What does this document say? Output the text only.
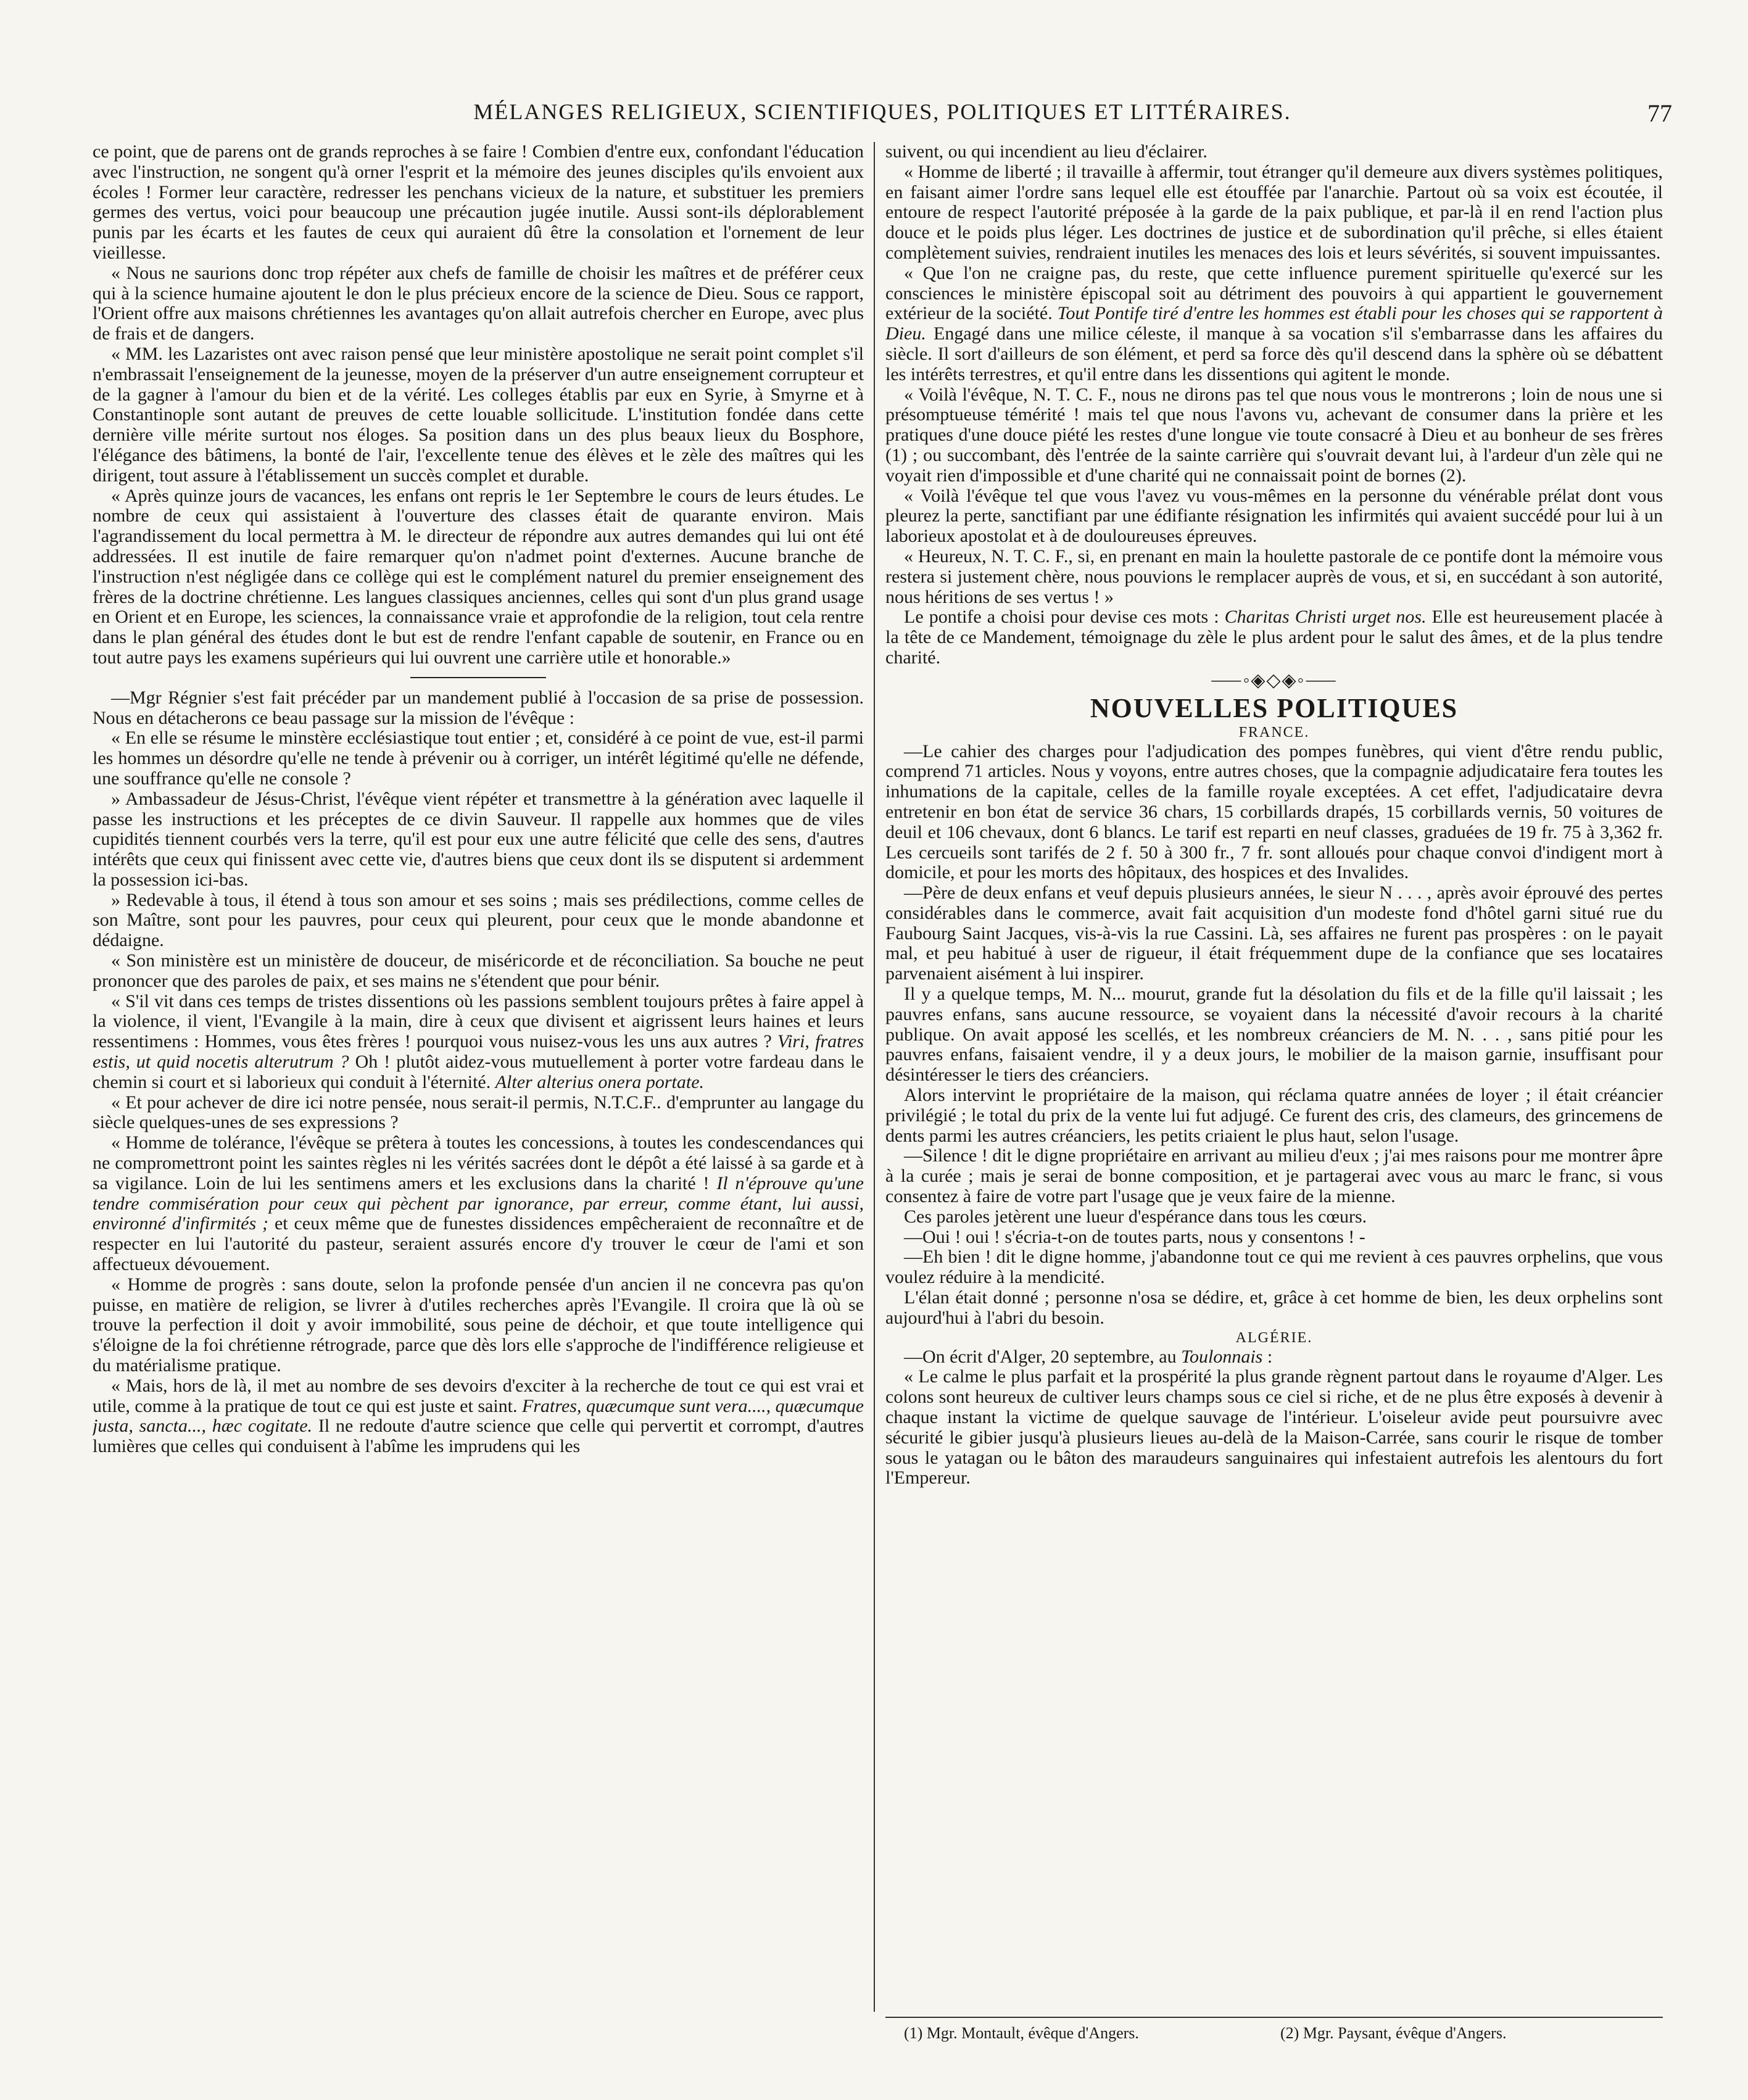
MÉLANGES RELIGIEUX, SCIENTIFIQUES, POLITIQUES ET LITTÉRAIRES.	77

ce point, que de parens ont de grands reproches à se faire ! Combien d'entre eux, confondant l'éducation avec l'instruction, ne songent qu'à orner l'esprit et la mémoire des jeunes disciples qu'ils envoient aux écoles ! Former leur caractère, redresser les penchans vicieux de la nature, et substituer les premiers germes des vertus, voici pour beaucoup une précaution jugée inutile. Aussi sont-ils déplorablement punis par les écarts et les fautes de ceux qui auraient dû être la consolation et l'ornement de leur vieillesse.

« Nous ne saurions donc trop répéter aux chefs de famille de choisir les maîtres et de préférer ceux qui à la science humaine ajoutent le don le plus précieux encore de la science de Dieu. Sous ce rapport, l'Orient offre aux maisons chrétiennes les avantages qu'on allait autrefois chercher en Europe, avec plus de frais et de dangers.

« MM. les Lazaristes ont avec raison pensé que leur ministère apostolique ne serait point complet s'il n'embrassait l'enseignement de la jeunesse, moyen de la préserver d'un autre enseignement corrupteur et de la gagner à l'amour du bien et de la vérité. Les colleges établis par eux en Syrie, à Smyrne et à Constantinople sont autant de preuves de cette louable sollicitude. L'institution fondée dans cette dernière ville mérite surtout nos éloges. Sa position dans un des plus beaux lieux du Bosphore, l'élégance des bâtimens, la bonté de l'air, l'excellente tenue des élèves et le zèle des maîtres qui les dirigent, tout assure à l'établissement un succès complet et durable.

« Après quinze jours de vacances, les enfans ont repris le 1er Septembre le cours de leurs études. Le nombre de ceux qui assistaient à l'ouverture des classes était de quarante environ. Mais l'agrandissement du local permettra à M. le directeur de répondre aux autres demandes qui lui ont été addressées. Il est inutile de faire remarquer qu'on n'admet point d'externes. Aucune branche de l'instruction n'est négligée dans ce collège qui est le complément naturel du premier enseignement des frères de la doctrine chrétienne. Les langues classiques anciennes, celles qui sont d'un plus grand usage en Orient et en Europe, les sciences, la connaissance vraie et approfondie de la religion, tout cela rentre dans le plan général des études dont le but est de rendre l'enfant capable de soutenir, en France ou en tout autre pays les examens supérieurs qui lui ouvrent une carrière utile et honorable.»

—Mgr Régnier s'est fait précéder par un mandement publié à l'occasion de sa prise de possession. Nous en détacherons ce beau passage sur la mission de l'évêque :

« En elle se résume le minstère ecclésiastique tout entier ; et, considéré à ce point de vue, est-il parmi les hommes un désordre qu'elle ne tende à prévenir ou à corriger, un intérêt légitimé qu'elle ne défende, une souffrance qu'elle ne console ?

» Ambassadeur de Jésus-Christ, l'évêque vient répéter et transmettre à la génération avec laquelle il passe les instructions et les préceptes de ce divin Sauveur. Il rappelle aux hommes que de viles cupidités tiennent courbés vers la terre, qu'il est pour eux une autre félicité que celle des sens, d'autres intérêts que ceux qui finissent avec cette vie, d'autres biens que ceux dont ils se disputent si ardemment la possession ici-bas.

» Redevable à tous, il étend à tous son amour et ses soins ; mais ses prédilections, comme celles de son Maître, sont pour les pauvres, pour ceux qui pleurent, pour ceux que le monde abandonne et dédaigne.

« Son ministère est un ministère de douceur, de miséricorde et de réconciliation. Sa bouche ne peut prononcer que des paroles de paix, et ses mains ne s'étendent que pour bénir.

« S'il vit dans ces temps de tristes dissentions où les passions semblent toujours prêtes à faire appel à la violence, il vient, l'Evangile à la main, dire à ceux que divisent et aigrissent leurs haines et leurs ressentimens : Hommes, vous êtes frères ! pourquoi vous nuisez-vous les uns aux autres ? Viri, fratres estis, ut quid nocetis alterutrum ? Oh ! plutôt aidez-vous mutuellement à porter votre fardeau dans le chemin si court et si laborieux qui conduit à l'éternité. Alter alterius onera portate.

« Et pour achever de dire ici notre pensée, nous serait-il permis, N.T.C.F.. d'emprunter au langage du siècle quelques-unes de ses expressions ?

« Homme de tolérance, l'évêque se prêtera à toutes les concessions, à toutes les condescendances qui ne compromettront point les saintes règles ni les vérités sacrées dont le dépôt a été laissé à sa garde et à sa vigilance. Loin de lui les sentimens amers et les exclusions dans la charité ! Il n'éprouve qu'une tendre commisération pour ceux qui pèchent par ignorance, par erreur, comme étant, lui aussi, environné d'infirmités ; et ceux même que de funestes dissidences empêcheraient de reconnaître et de respecter en lui l'autorité du pasteur, seraient assurés encore d'y trouver le cœur de l'ami et son affectueux dévouement.

« Homme de progrès : sans doute, selon la profonde pensée d'un ancien il ne concevra pas qu'on puisse, en matière de religion, se livrer à d'utiles recherches après l'Evangile. Il croira que là où se trouve la perfection il doit y avoir immobilité, sous peine de déchoir, et que toute intelligence qui s'éloigne de la foi chrétienne rétrograde, parce que dès lors elle s'approche de l'indifférence religieuse et du matérialisme pratique.

« Mais, hors de là, il met au nombre de ses devoirs d'exciter à la recherche de tout ce qui est vrai et utile, comme à la pratique de tout ce qui est juste et saint. Fratres, quæcumque sunt vera...., quæcumque justa, sancta..., hæc cogitate. Il ne redoute d'autre science que celle qui pervertit et corrompt, d'autres lumières que celles qui conduisent à l'abîme les imprudens qui les

suivent, ou qui incendient au lieu d'éclairer.

« Homme de liberté ; il travaille à affermir, tout étranger qu'il demeure aux divers systèmes politiques, en faisant aimer l'ordre sans lequel elle est étouffée par l'anarchie. Partout où sa voix est écoutée, il entoure de respect l'autorité préposée à la garde de la paix publique, et par-là il en rend l'action plus douce et le poids plus léger. Les doctrines de justice et de subordination qu'il prêche, si elles étaient complètement suivies, rendraient inutiles les menaces des lois et leurs sévérités, si souvent impuissantes.

« Que l'on ne craigne pas, du reste, que cette influence purement spirituelle qu'exercé sur les consciences le ministère épiscopal soit au détriment des pouvoirs à qui appartient le gouvernement extérieur de la société. Tout Pontife tiré d'entre les hommes est établi pour les choses qui se rapportent à Dieu. Engagé dans une milice céleste, il manque à sa vocation s'il s'embarrasse dans les affaires du siècle. Il sort d'ailleurs de son élément, et perd sa force dès qu'il descend dans la sphère où se débattent les intérêts terrestres, et qu'il entre dans les dissentions qui agitent le monde.

« Voilà l'évêque, N. T. C. F., nous ne dirons pas tel que nous vous le montrerons ; loin de nous une si présomptueuse témérité ! mais tel que nous l'avons vu, achevant de consumer dans la prière et les pratiques d'une douce piété les restes d'une longue vie toute consacré à Dieu et au bonheur de ses frères (1) ; ou succombant, dès l'entrée de la sainte carrière qui s'ouvrait devant lui, à l'ardeur d'un zèle qui ne voyait rien d'impossible et d'une charité qui ne connaissait point de bornes (2).

« Voilà l'évêque tel que vous l'avez vu vous-mêmes en la personne du vénérable prélat dont vous pleurez la perte, sanctifiant par une édifiante résignation les infirmités qui avaient succédé pour lui à un laborieux apostolat et à de douloureuses épreuves.

« Heureux, N. T. C. F., si, en prenant en main la houlette pastorale de ce pontife dont la mémoire vous restera si justement chère, nous pouvions le remplacer auprès de vous, et si, en succédant à son autorité, nous héritions de ses vertus ! »

Le pontife a choisi pour devise ces mots : Charitas Christi urget nos. Elle est heureusement placée à la tête de ce Mandement, témoignage du zèle le plus ardent pour le salut des âmes, et de la plus tendre charité.

⸺◦◈◇◈◦⸺
NOUVELLES POLITIQUES
FRANCE.

—Le cahier des charges pour l'adjudication des pompes funèbres, qui vient d'être rendu public, comprend 71 articles. Nous y voyons, entre autres choses, que la compagnie adjudicataire fera toutes les inhumations de la capitale, celles de la famille royale exceptées. A cet effet, l'adjudicataire devra entretenir en bon état de service 36 chars, 15 corbillards drapés, 15 corbillards vernis, 50 voitures de deuil et 106 chevaux, dont 6 blancs. Le tarif est reparti en neuf classes, graduées de 19 fr. 75 à 3,362 fr. Les cercueils sont tarifés de 2 f. 50 à 300 fr., 7 fr. sont alloués pour chaque convoi d'indigent mort à domicile, et pour les morts des hôpitaux, des hospices et des Invalides.

—Père de deux enfans et veuf depuis plusieurs années, le sieur N . . . , après avoir éprouvé des pertes considérables dans le commerce, avait fait acquisition d'un modeste fond d'hôtel garni situé rue du Faubourg Saint Jacques, vis-à-vis la rue Cassini. Là, ses affaires ne furent pas prospères : on le payait mal, et peu habitué à user de rigueur, il était fréquemment dupe de la confiance que ses locataires parvenaient aisément à lui inspirer.

Il y a quelque temps, M. N... mourut, grande fut la désolation du fils et de la fille qu'il laissait ; les pauvres enfans, sans aucune ressource, se voyaient dans la nécessité d'avoir recours à la charité publique. On avait apposé les scellés, et les nombreux créanciers de M. N. . . , sans pitié pour les pauvres enfans, faisaient vendre, il y a deux jours, le mobilier de la maison garnie, insuffisant pour désintéresser le tiers des créanciers.

Alors intervint le propriétaire de la maison, qui réclama quatre années de loyer ; il était créancier privilégié ; le total du prix de la vente lui fut adjugé. Ce furent des cris, des clameurs, des grincemens de dents parmi les autres créanciers, les petits criaient le plus haut, selon l'usage.

—Silence ! dit le digne propriétaire en arrivant au milieu d'eux ; j'ai mes raisons pour me montrer âpre à la curée ; mais je serai de bonne composition, et je partagerai avec vous au marc le franc, si vous consentez à faire de votre part l'usage que je veux faire de la mienne.

Ces paroles jetèrent une lueur d'espérance dans tous les cœurs.

—Oui ! oui ! s'écria-t-on de toutes parts, nous y consentons ! -

—Eh bien ! dit le digne homme, j'abandonne tout ce qui me revient à ces pauvres orphelins, que vous voulez réduire à la mendicité.

L'élan était donné ; personne n'osa se dédire, et, grâce à cet homme de bien, les deux orphelins sont aujourd'hui à l'abri du besoin.

ALGÉRIE.

—On écrit d'Alger, 20 septembre, au Toulonnais :

« Le calme le plus parfait et la prospérité la plus grande règnent partout dans le royaume d'Alger. Les colons sont heureux de cultiver leurs champs sous ce ciel si riche, et de ne plus être exposés à devenir à chaque instant la victime de quelque sauvage de l'intérieur. L'oiseleur avide peut poursuivre avec sécurité le gibier jusqu'à plusieurs lieues au-delà de la Maison-Carrée, sans courir le risque de tomber sous le yatagan ou le bâton des maraudeurs sanguinaires qui infestaient autrefois les alentours du fort l'Empereur.

(1) Mgr. Montault, évêque d'Angers.	(2) Mgr. Paysant, évêque d'Angers.
